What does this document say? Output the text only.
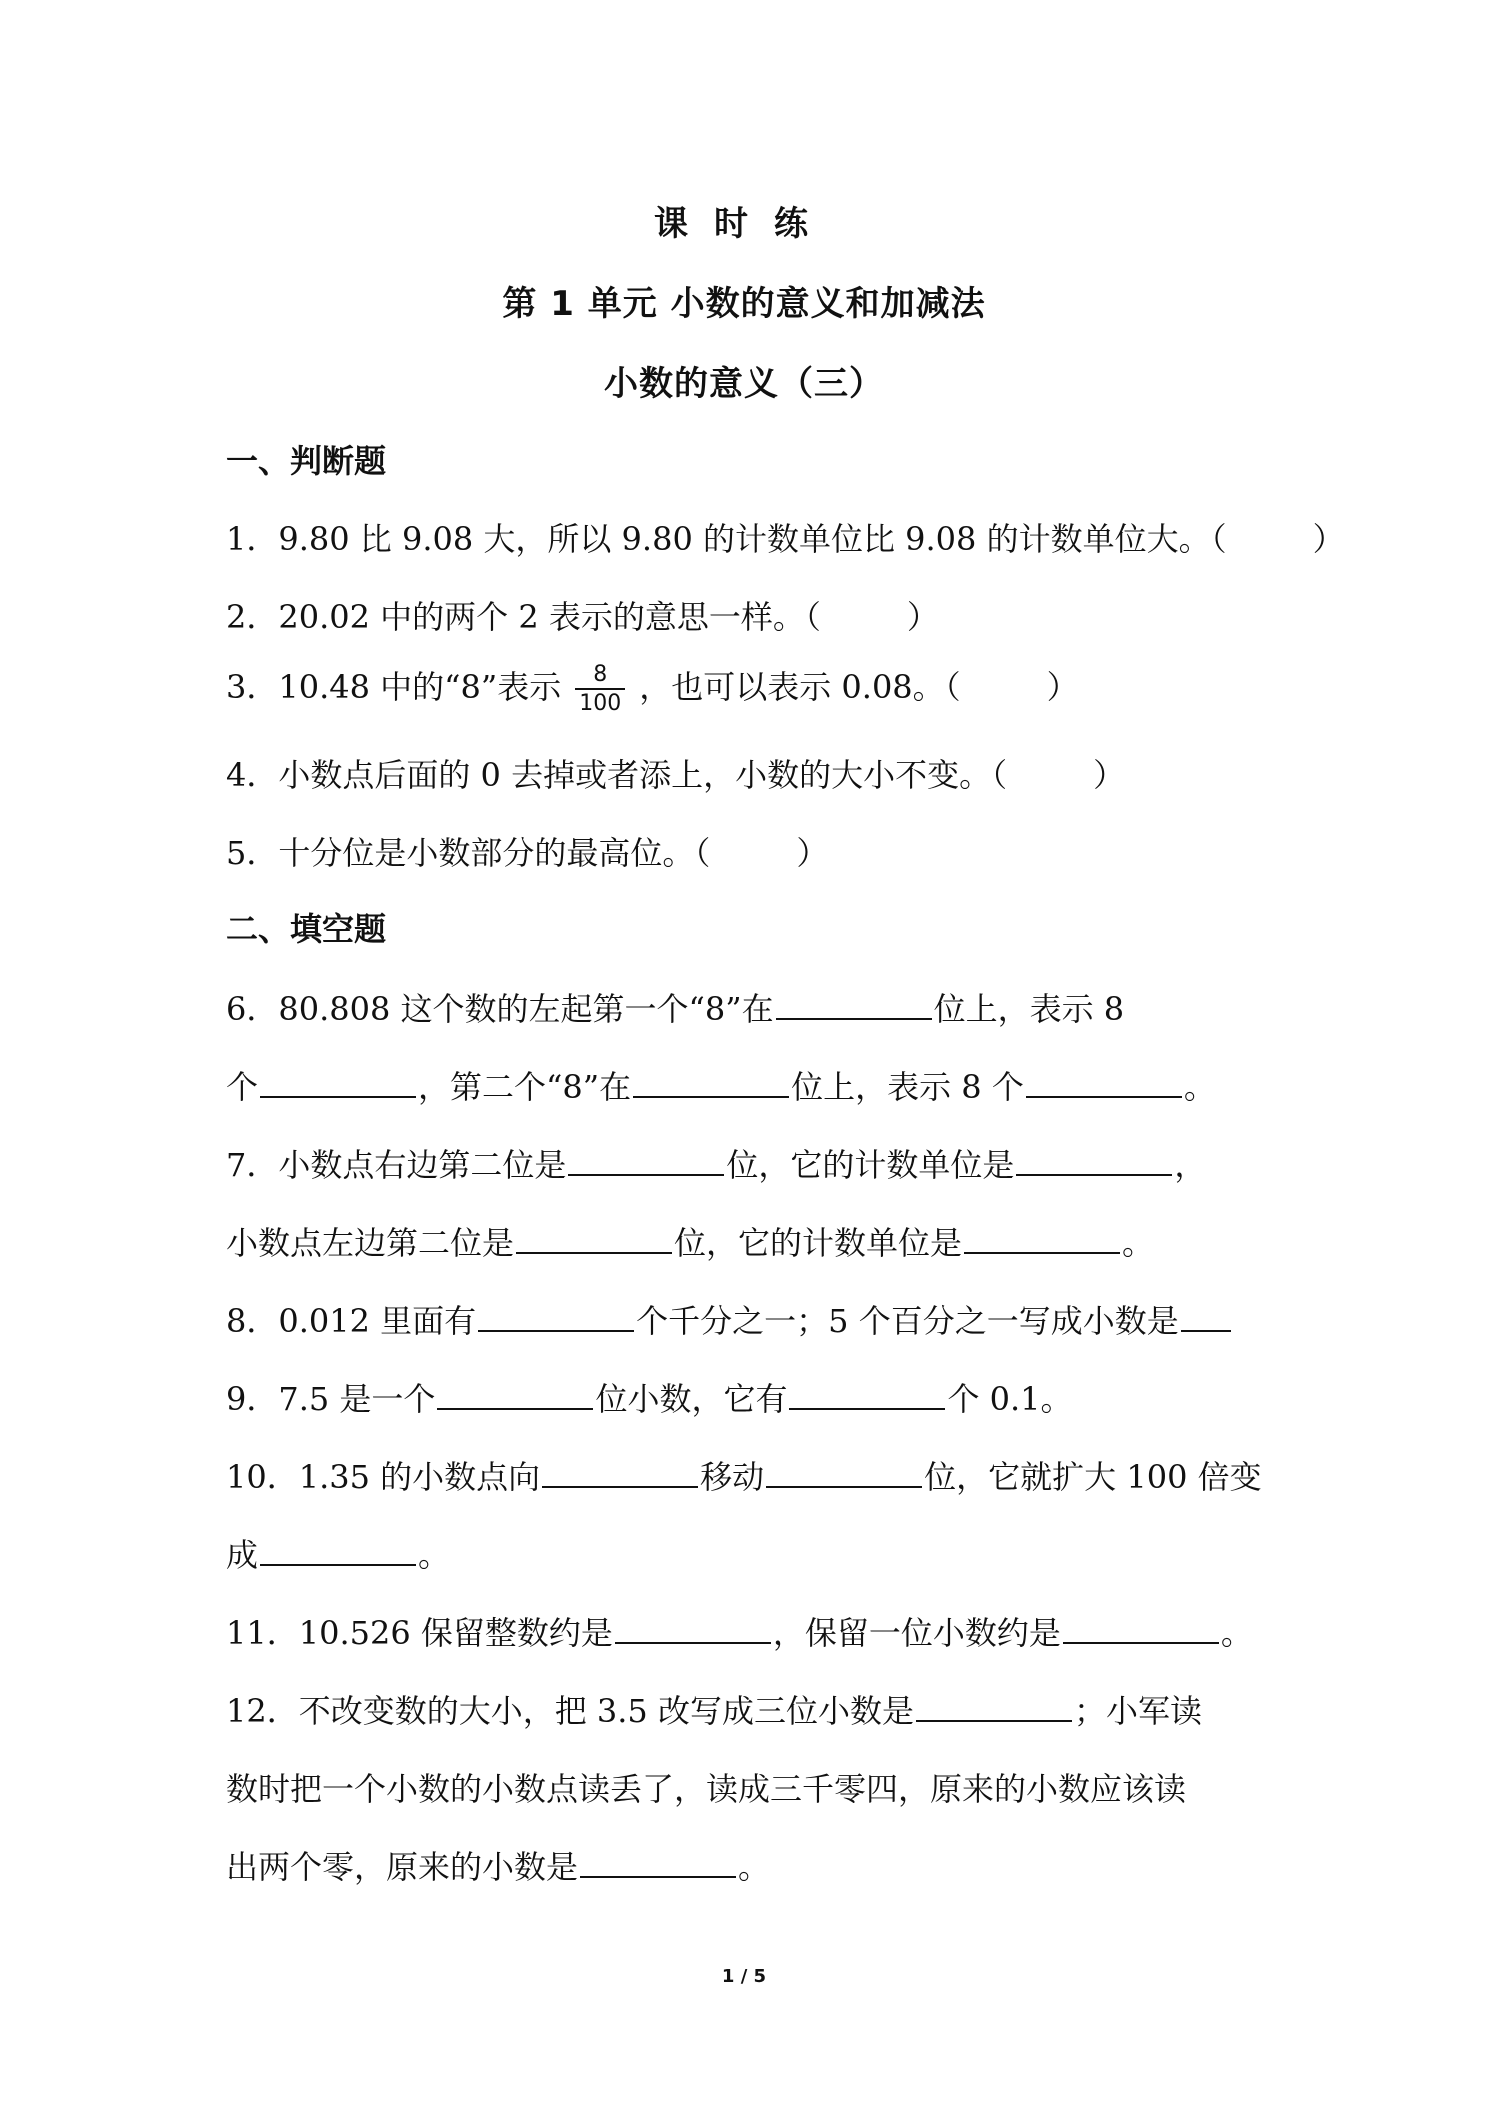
课时练
第 1 单元 小数的意义和加减法
小数的意义（三）
一、判断题
1．9.80 比 9.08 大，所以 9.80 的计数单位比 9.08 的计数单位大。（	）
2．20.02 中的两个 2 表示的意思一样。（	）
3．10.48 中的“8”表示 $\frac{8}{100}$ ，也可以表示 0.08。（	）
4．小数点后面的 0 去掉或者添上，小数的大小不变。（	）
5．十分位是小数部分的最高位。（	）
二、填空题
6．80.808 这个数的左起第一个“8”在	位上，表示 8
个	，第二个“8”在	位上，表示 8 个	。
7．小数点右边第二位是	位，它的计数单位是	，
小数点左边第二位是	位，它的计数单位是	。
8．0.012 里面有	个千分之一；5 个百分之一写成小数是
9．7.5 是一个	位小数，它有	个 0.1。
10．1.35 的小数点向	移动	位，它就扩大 100 倍变
成	。
11．10.526 保留整数约是	，保留一位小数约是	。
12．不改变数的大小，把 3.5 改写成三位小数是	；小军读
数时把一个小数的小数点读丢了，读成三千零四，原来的小数应该读
出两个零，原来的小数是	。
1 / 5
